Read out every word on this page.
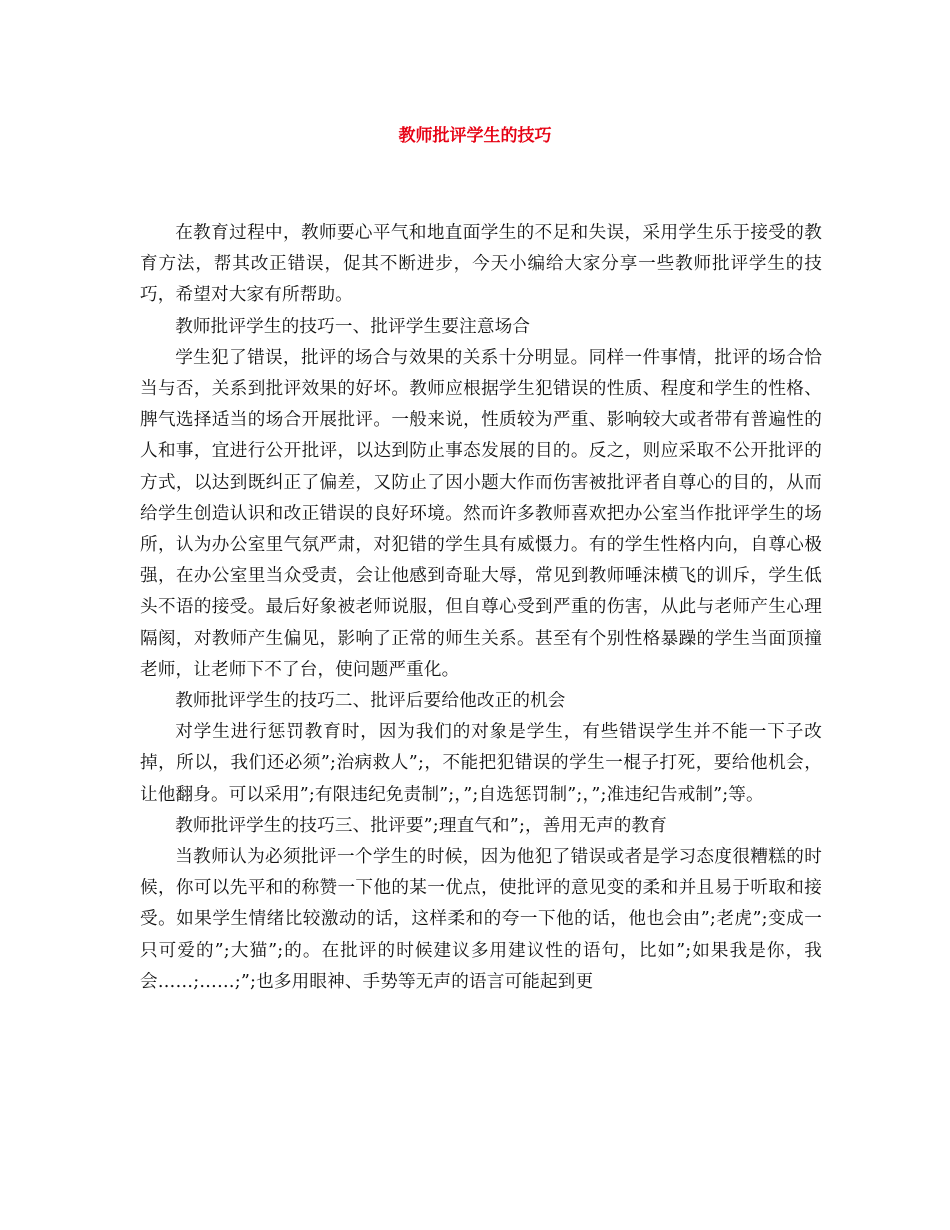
教师批评学生的技巧

在教育过程中，教师要心平气和地直面学生的不足和失误，采用学生乐于接受的教育方法，帮其改正错误，促其不断进步，今天小编给大家分享一些教师批评学生的技巧，希望对大家有所帮助。

教师批评学生的技巧一、批评学生要注意场合

学生犯了错误，批评的场合与效果的关系十分明显。同样一件事情，批评的场合恰当与否，关系到批评效果的好坏。教师应根据学生犯错误的性质、程度和学生的性格、脾气选择适当的场合开展批评。一般来说，性质较为严重、影响较大或者带有普遍性的人和事，宜进行公开批评，以达到防止事态发展的目的。反之，则应采取不公开批评的方式，以达到既纠正了偏差，又防止了因小题大作而伤害被批评者自尊心的目的，从而给学生创造认识和改正错误的良好环境。然而许多教师喜欢把办公室当作批评学生的场所，认为办公室里气氛严肃，对犯错的学生具有威慑力。有的学生性格内向，自尊心极强，在办公室里当众受责，会让他感到奇耻大辱，常见到教师唾沫横飞的训斥，学生低头不语的接受。最后好象被老师说服，但自尊心受到严重的伤害，从此与老师产生心理隔阂，对教师产生偏见，影响了正常的师生关系。甚至有个别性格暴躁的学生当面顶撞老师，让老师下不了台，使问题严重化。

教师批评学生的技巧二、批评后要给他改正的机会

对学生进行惩罚教育时，因为我们的对象是学生，有些错误学生并不能一下子改掉，所以，我们还必须”;治病救人”;，不能把犯错误的学生一棍子打死，要给他机会，让他翻身。可以采用”;有限违纪免责制”;，”;自选惩罚制”;，”;准违纪告戒制”;等。

教师批评学生的技巧三、批评要”;理直气和”;，善用无声的教育

当教师认为必须批评一个学生的时候，因为他犯了错误或者是学习态度很糟糕的时候，你可以先平和的称赞一下他的某一优点，使批评的意见变的柔和并且易于听取和接受。如果学生情绪比较激动的话，这样柔和的夸一下他的话，他也会由”;老虎”;变成一只可爱的”;大猫”;的。在批评的时候建议多用建议性的语句，比如”;如果我是你，我会……;……;”;也多用眼神、手势等无声的语言可能起到更
